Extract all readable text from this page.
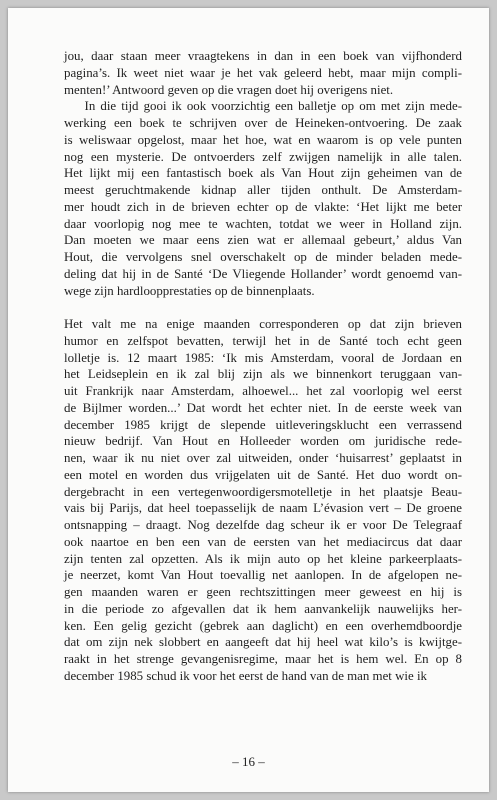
jou, daar staan meer vraagtekens in dan in een boek van vijfhonderd
pagina’s. Ik weet niet waar je het vak geleerd hebt, maar mijn compli-
menten!’ Antwoord geven op die vragen doet hij overigens niet.
In die tijd gooi ik ook voorzichtig een balletje op om met zijn mede-
werking een boek te schrijven over de Heineken-ontvoering. De zaak
is weliswaar opgelost, maar het hoe, wat en waarom is op vele punten
nog een mysterie. De ontvoerders zelf zwijgen namelijk in alle talen.
Het lijkt mij een fantastisch boek als Van Hout zijn geheimen van de
meest geruchtmakende kidnap aller tijden onthult. De Amsterdam-
mer houdt zich in de brieven echter op de vlakte: ‘Het lijkt me beter
daar voorlopig nog mee te wachten, totdat we weer in Holland zijn.
Dan moeten we maar eens zien wat er allemaal gebeurt,’ aldus Van
Hout, die vervolgens snel overschakelt op de minder beladen mede-
deling dat hij in de Santé ‘De Vliegende Hollander’ wordt genoemd van-
wege zijn hardloopprestaties op de binnenplaats.
Het valt me na enige maanden corresponderen op dat zijn brieven
humor en zelfspot bevatten, terwijl het in de Santé toch echt geen
lolletje is. 12 maart 1985: ‘Ik mis Amsterdam, vooral de Jordaan en
het Leidseplein en ik zal blij zijn als we binnenkort teruggaan van-
uit Frankrijk naar Amsterdam, alhoewel... het zal voorlopig wel eerst
de Bijlmer worden...’ Dat wordt het echter niet. In de eerste week van
december 1985 krijgt de slepende uitleveringsklucht een verrassend
nieuw bedrijf. Van Hout en Holleeder worden om juridische rede-
nen, waar ik nu niet over zal uitweiden, onder ‘huisarrest’ geplaatst in
een motel en worden dus vrijgelaten uit de Santé. Het duo wordt on-
dergebracht in een vertegenwoordigersmotelletje in het plaatsje Beau-
vais bij Parijs, dat heel toepasselijk de naam L’évasion vert – De groene
ontsnapping – draagt. Nog dezelfde dag scheur ik er voor De Telegraaf
ook naartoe en ben een van de eersten van het mediacircus dat daar
zijn tenten zal opzetten. Als ik mijn auto op het kleine parkeerplaats-
je neerzet, komt Van Hout toevallig net aanlopen. In de afgelopen ne-
gen maanden waren er geen rechtszittingen meer geweest en hij is
in die periode zo afgevallen dat ik hem aanvankelijk nauwelijks her-
ken. Een gelig gezicht (gebrek aan daglicht) en een overhemdboordje
dat om zijn nek slobbert en aangeeft dat hij heel wat kilo’s is kwijtge-
raakt in het strenge gevangenisregime, maar het is hem wel. En op 8
december 1985 schud ik voor het eerst de hand van de man met wie ik
– 16 –
